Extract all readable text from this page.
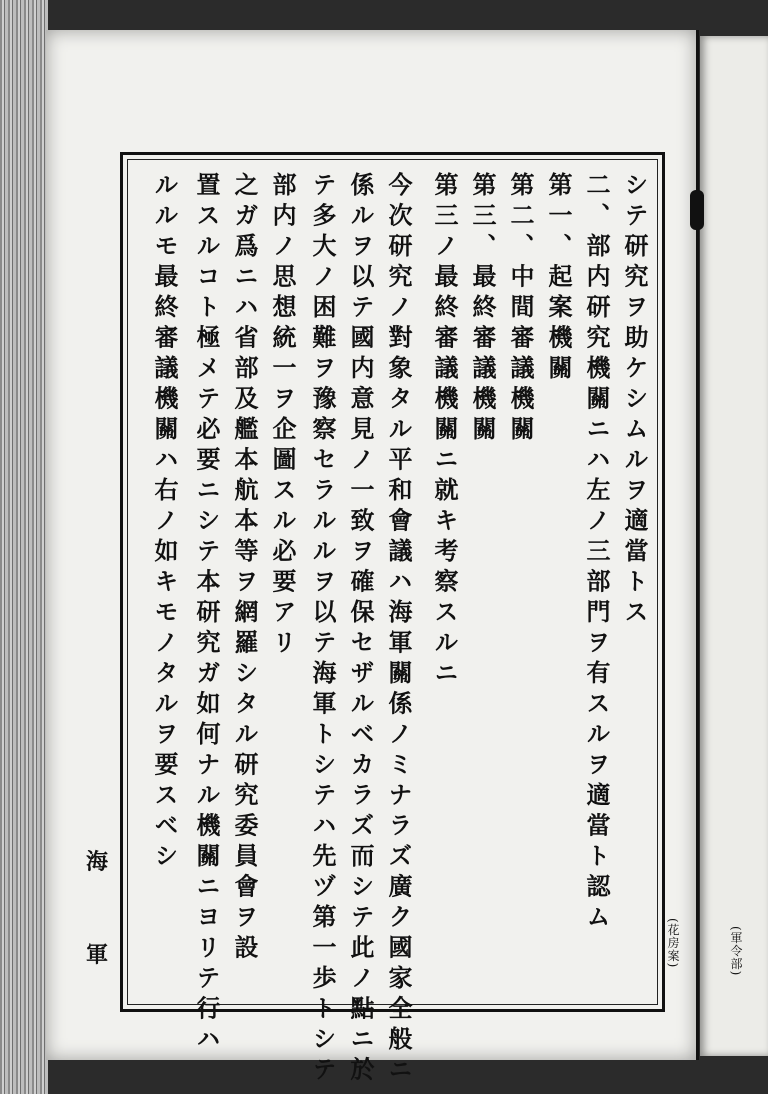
シテ研究ヲ助ケシムルヲ適當トス
二、部内研究機關ニハ左ノ三部門ヲ有スルヲ適當ト認ム
第一、起案機關
第二、中間審議機關
第三、最終審議機關
第三ノ最終審議機關ニ就キ考察スルニ
今次研究ノ對象タル平和會議ハ海軍關係ノミナラズ廣ク國家全般ニ
係ルヲ以テ國内意見ノ一致ヲ確保セザルベカラズ而シテ此ノ點ニ於
テ多大ノ困難ヲ豫察セラルルヲ以テ海軍トシテハ先ヅ第一歩トシテ
部内ノ思想統一ヲ企圖スル必要アリ
之ガ爲ニハ省部及艦本航本等ヲ網羅シタル研究委員會ヲ設
置スルコト極メテ必要ニシテ本研究ガ如何ナル機關ニヨリテ行ハ
ルルモ最終審議機關ハ右ノ如キモノタルヲ要スベシ
海
軍	(花房案)	(軍令部)
